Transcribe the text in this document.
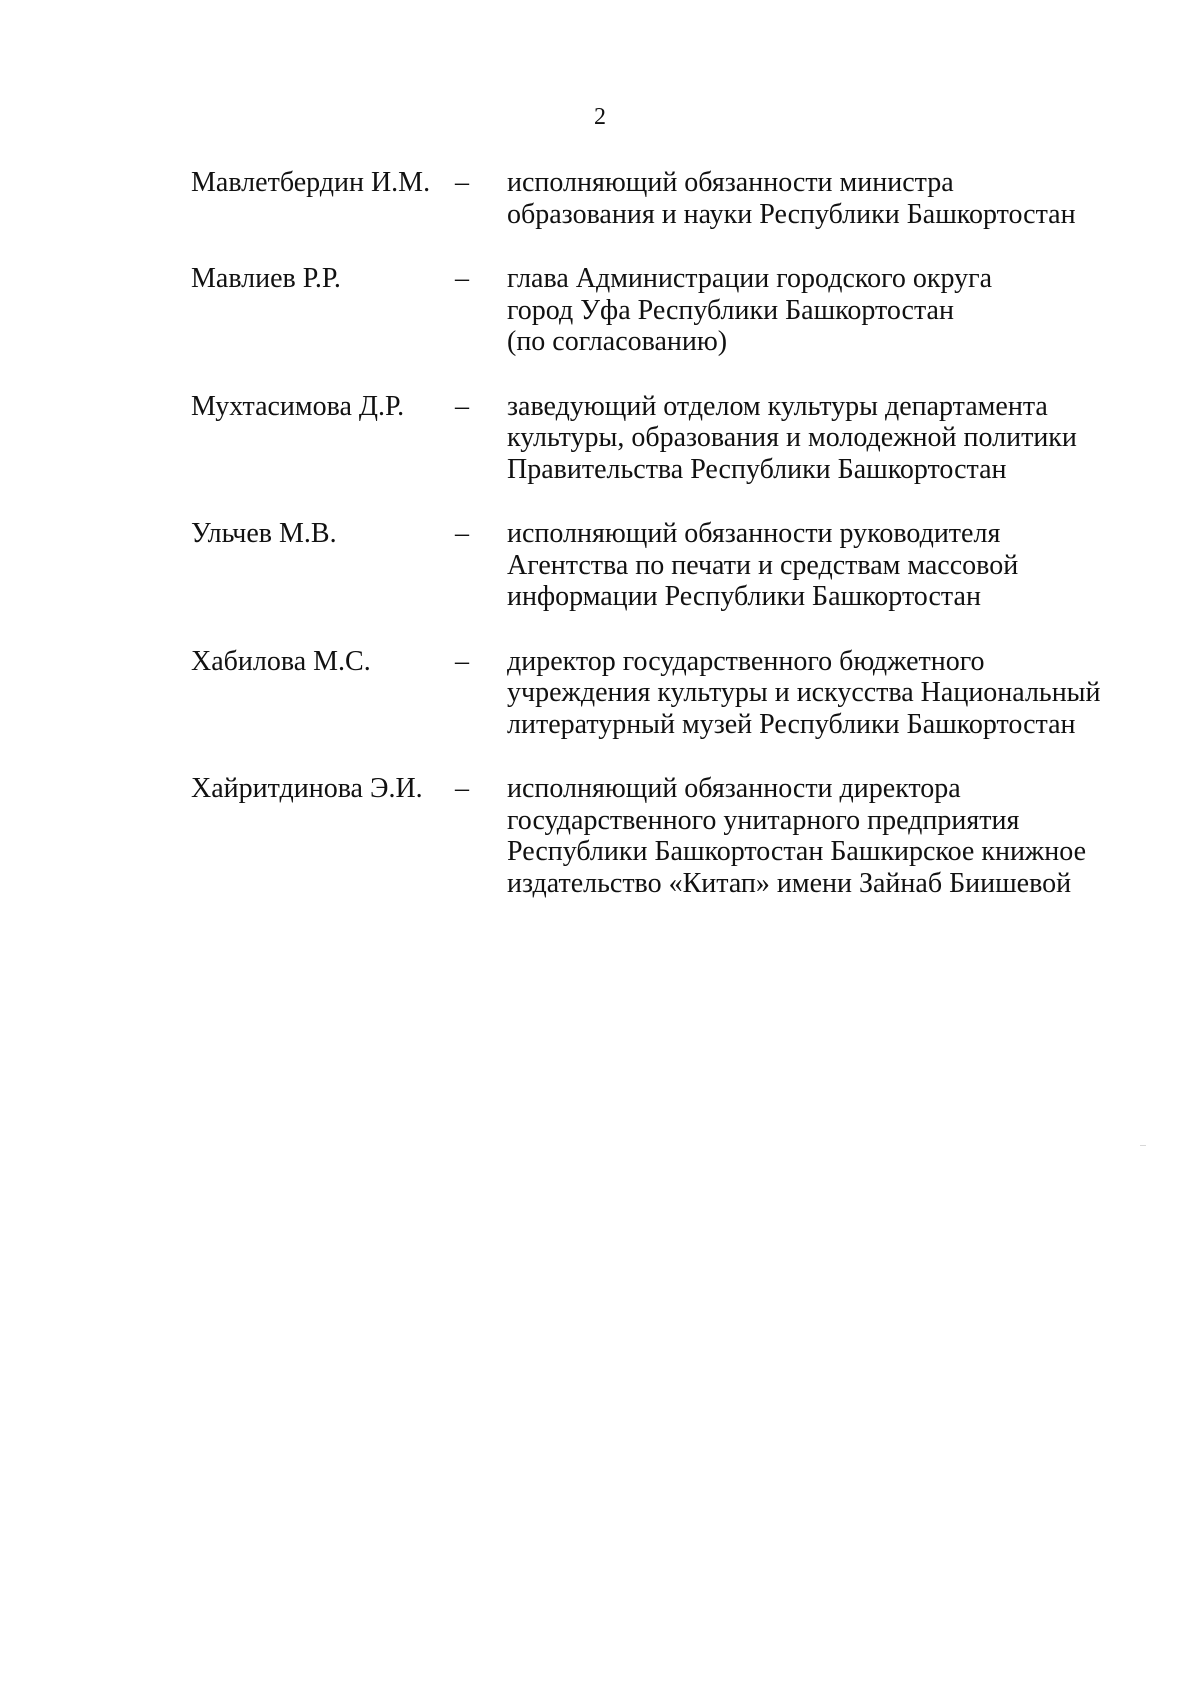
2
Мавлетбердин И.М. –	исполняющий обязанности министра
образования и науки Республики Башкортостан
Мавлиев Р.Р.	–	глава Администрации городского округа
город Уфа Республики Башкортостан
(по согласованию)
Мухтасимова Д.Р.	–	заведующий отделом культуры департамента
культуры, образования и молодежной политики
Правительства Республики Башкортостан
Ульчев М.В.	–	исполняющий обязанности руководителя
Агентства по печати и средствам массовой
информации Республики Башкортостан
Хабилова М.С.	–	директор государственного бюджетного
учреждения культуры и искусства Национальный
литературный музей Республики Башкортостан
Хайритдинова Э.И.	–	исполняющий обязанности директора
государственного унитарного предприятия
Республики Башкортостан Башкирское книжное
издательство «Китап» имени Зайнаб Биишевой
